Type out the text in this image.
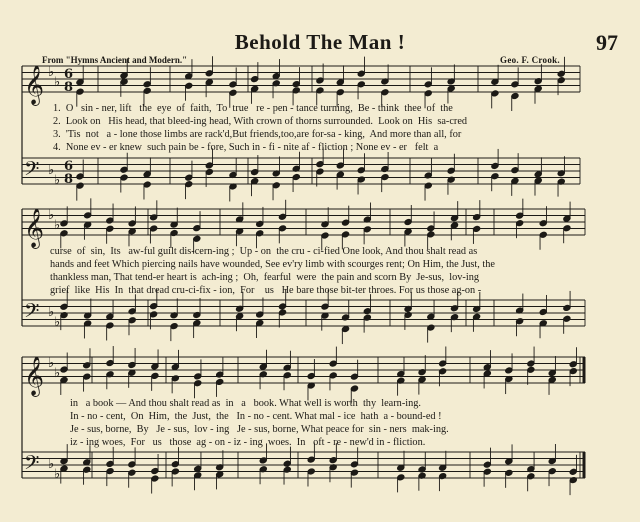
Behold The Man !	97
From "Hymns Ancient and Modern."	Geo. F. Crook.
𝄞
𝄢
♭
♭
♭
♭
6
8
6
8
𝄞
𝄢
♭
♭
♭
♭
𝄞
𝄢
♭
♭
♭
♭
1.  O   sin - ner, lift   the  eye  of  faith,  To  true   re - pen - tance turning,  Be - think  thee  of  the
2.  Look on   His head, that bleed-ing head, With crown of thorns surrounded.  Look on  His  sa-cred
3.  'Tis  not   a - lone those limbs are rack'd,But friends,too,are for-sa - king,  And more than all, for
4.  None ev - er knew  such pain be - fore, Such in - fi - nite af - fliction ; None ev - er   felt  a
curse  of  sin,  Its   aw-ful guilt dis-cern-ing ;  Up - on  the cru - ci-fied One look, And thou shalt read as
hands and feet Which piercing nails have wounded, See ev'ry limb with scourges rent; On Him, the Just, the
thankless man, That tend-er heart is  ach-ing ;  Oh,  fearful  were  the pain and scorn By  Je-sus,  lov-ing
grief  like  His  In  that dread cru-ci-fix - ion,  For    us   He bare those bit-ter throes. For us those ag-on -
in   a book — And thou shalt read as  in   a   book. What well is worth  thy  learn-ing.
In - no - cent,  On  Him,  the  Just,  the   In - no - cent. What mal - ice  hath  a - bound-ed !
Je - sus, borne,  By   Je - sus,  lov - ing   Je - sus, borne, What peace for  sin - ners  mak-ing.
iz - ing woes,  For   us   those  ag - on - iz - ing  woes.  In   oft - re - new'd in - fliction.
